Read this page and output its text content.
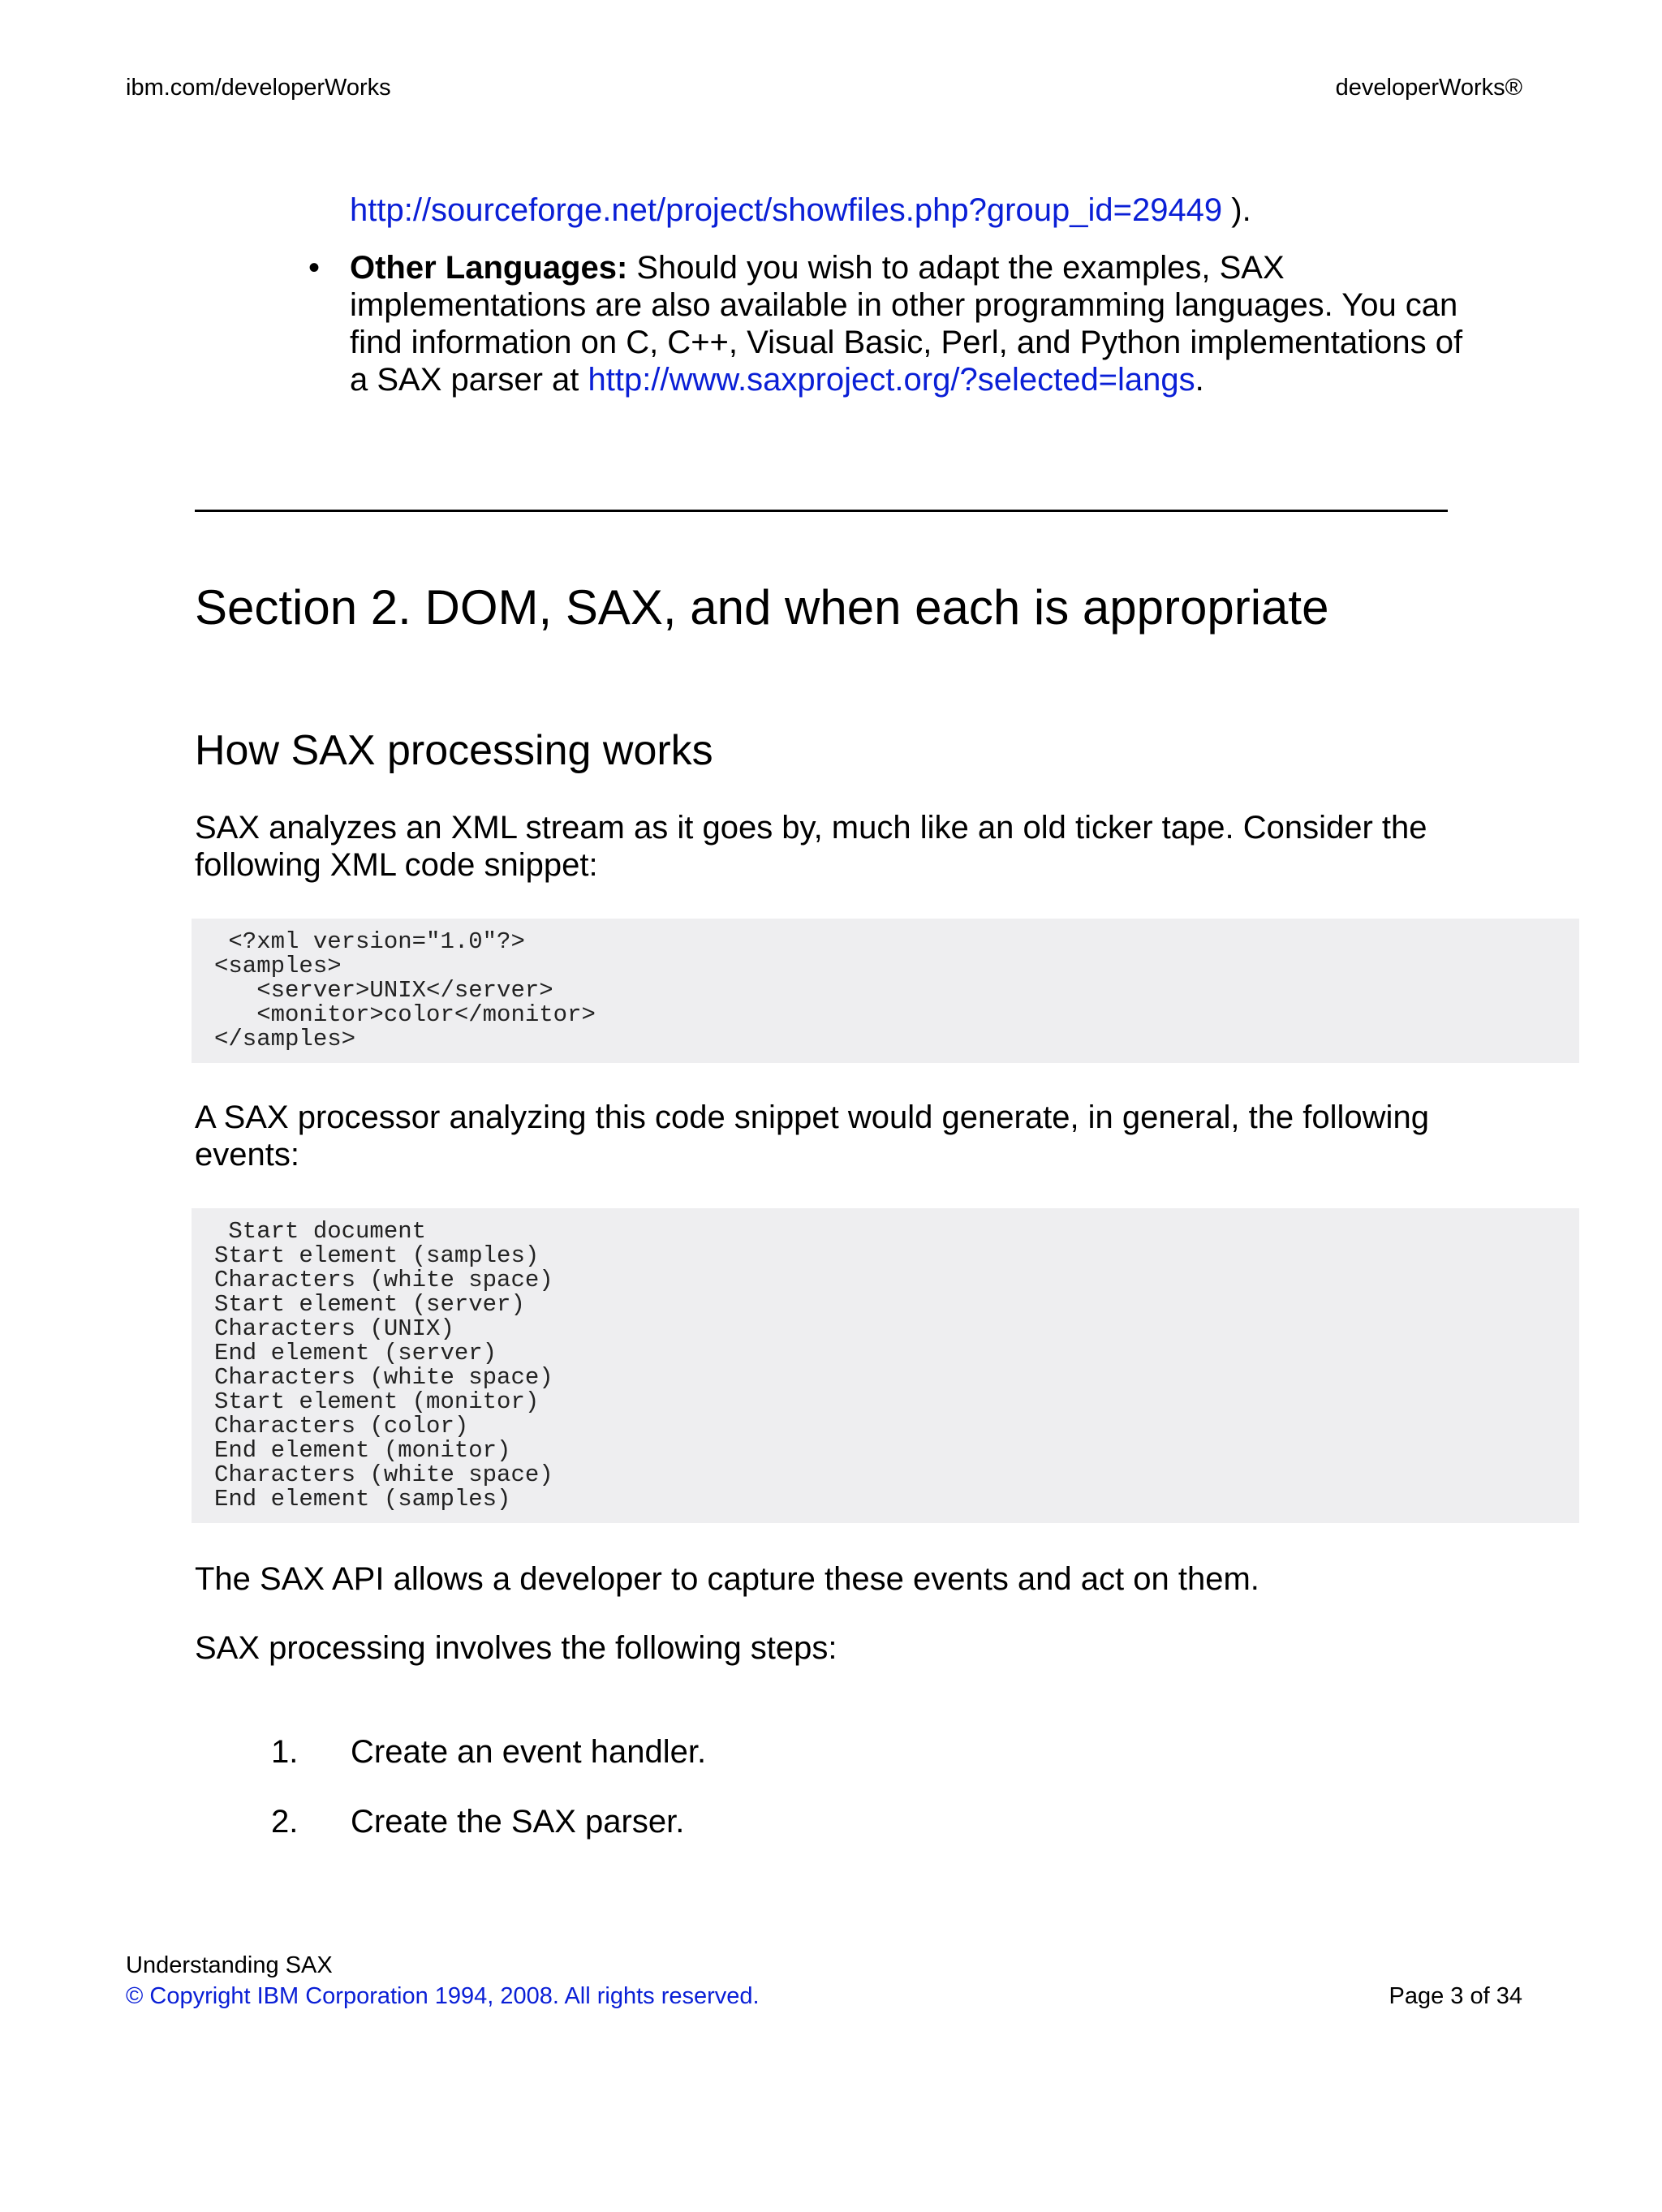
ibm.com/developerWorks	developerWorks®
http://sourceforge.net/project/showfiles.php?group_id=29449 ).
• Other Languages: Should you wish to adapt the examples, SAX implementations are also available in other programming languages. You can find information on C, C++, Visual Basic, Perl, and Python implementations of a SAX parser at http://www.saxproject.org/?selected=langs.
Section 2. DOM, SAX, and when each is appropriate
How SAX processing works
SAX analyzes an XML stream as it goes by, much like an old ticker tape. Consider the following XML code snippet:
<?xml version="1.0"?>
<samples>
<server>UNIX</server>
<monitor>color</monitor>
</samples>
A SAX processor analyzing this code snippet would generate, in general, the following events:
Start document
Start element (samples)
Characters (white space)
Start element (server)
Characters (UNIX)
End element (server)
Characters (white space)
Start element (monitor)
Characters (color)
End element (monitor)
Characters (white space)
End element (samples)
The SAX API allows a developer to capture these events and act on them.
SAX processing involves the following steps:
1. Create an event handler.
2. Create the SAX parser.
Understanding SAX
© Copyright IBM Corporation 1994, 2008. All rights reserved.	Page 3 of 34
